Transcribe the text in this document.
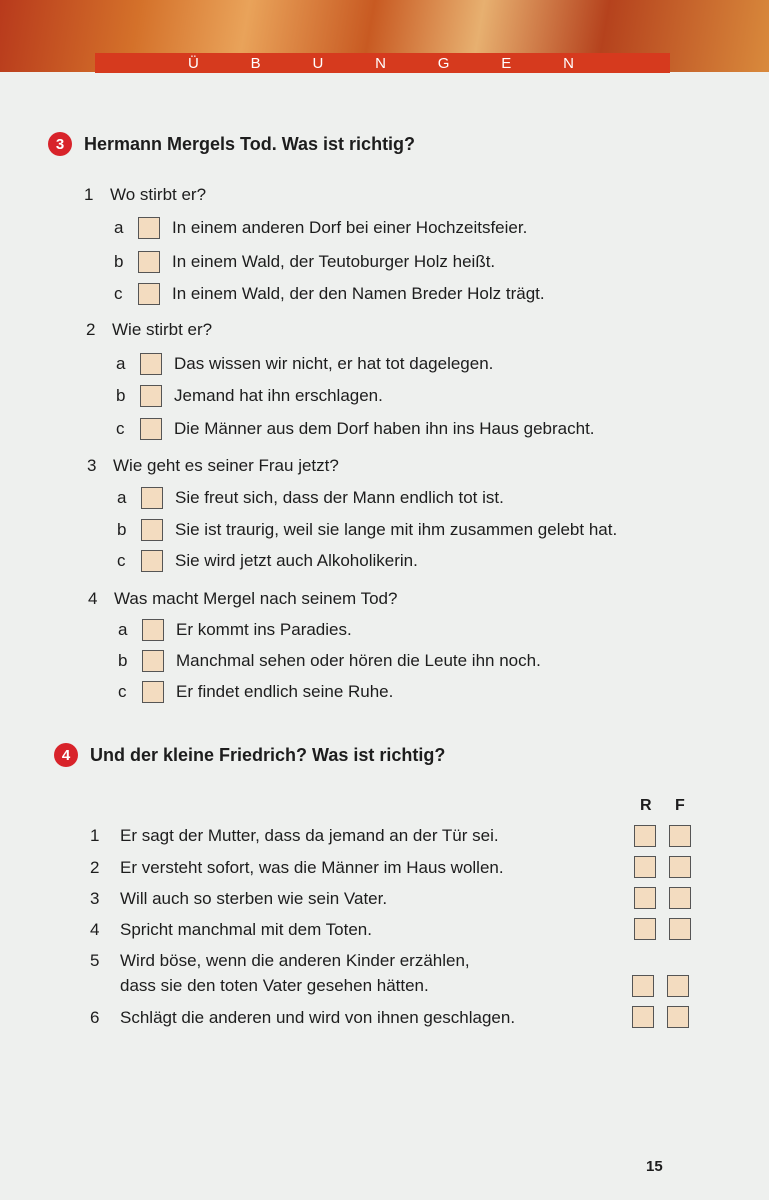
Ü	B	U	N	G	E	N
3	Hermann Mergels Tod. Was ist richtig?
1 Wo stirbt er?
a	In einem anderen Dorf bei einer Hochzeitsfeier.
b	In einem Wald, der Teutoburger Holz heißt.
c	In einem Wald, der den Namen Breder Holz trägt.
2 Wie stirbt er?
a	Das wissen wir nicht, er hat tot dagelegen.
b	Jemand hat ihn erschlagen.
c	Die Männer aus dem Dorf haben ihn ins Haus gebracht.
3 Wie geht es seiner Frau jetzt?
a	Sie freut sich, dass der Mann endlich tot ist.
b	Sie ist traurig, weil sie lange mit ihm zusammen gelebt hat.
c	Sie wird jetzt auch Alkoholikerin.
4 Was macht Mergel nach seinem Tod?
a	Er kommt ins Paradies.
b	Manchmal sehen oder hören die Leute ihn noch.
c	Er findet endlich seine Ruhe.
4	Und der kleine Friedrich? Was ist richtig?
R F
1 Er sagt der Mutter, dass da jemand an der Tür sei.
2 Er versteht sofort, was die Männer im Haus wollen.
3 Will auch so sterben wie sein Vater.
4 Spricht manchmal mit dem Toten.
5 Wird böse, wenn die anderen Kinder erzählen,
dass sie den toten Vater gesehen hätten.
6 Schlägt die anderen und wird von ihnen geschlagen.
15
